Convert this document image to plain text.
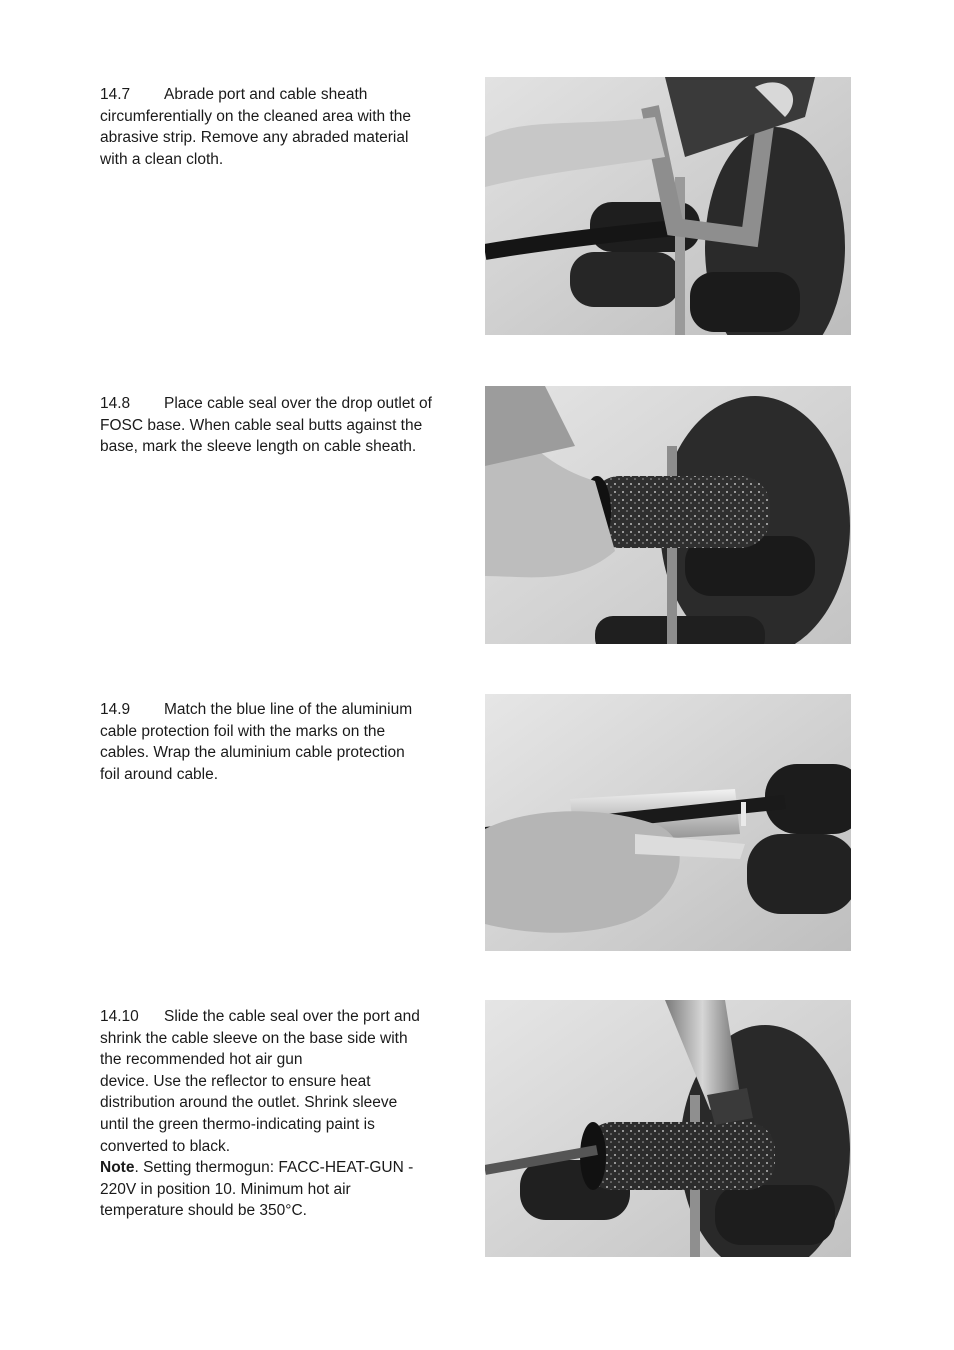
14.7 Abrade port and cable sheath
circumferentially on the cleaned area with the
abrasive strip. Remove any abraded material
with a clean cloth.
14.8 Place cable seal over the drop outlet of
FOSC base. When cable seal butts against the
base, mark the sleeve length on cable sheath.
14.9 Match the blue line of the aluminium
cable protection foil with the marks on the
cables. Wrap the aluminium cable protection
foil around cable.
14.10 Slide the cable seal over the port and
shrink the cable sleeve on the base side with
the recommended hot air gun
device. Use the reflector to ensure heat
distribution around the outlet. Shrink sleeve
until the green thermo-indicating paint is
converted to black.
Note. Setting thermogun: FACC-HEAT-GUN -
220V in position 10. Minimum hot air
temperature should be 350°C.
